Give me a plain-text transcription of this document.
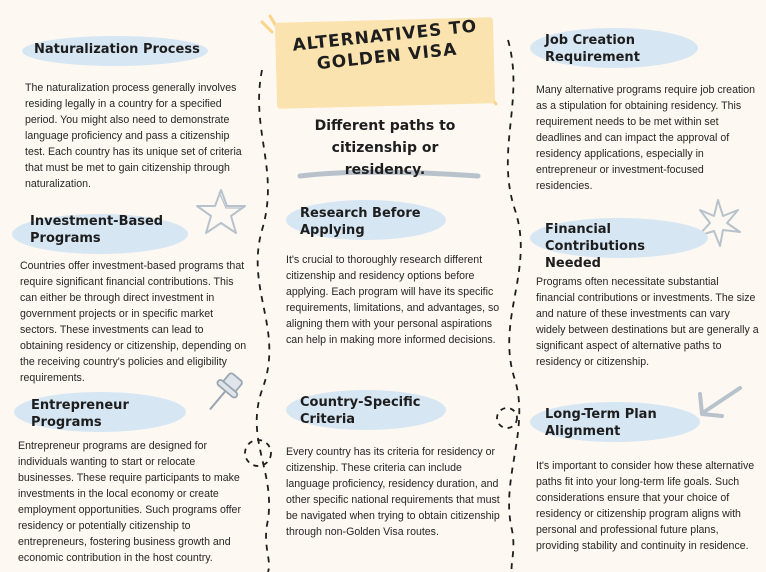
ALTERNATIVES TO GOLDEN VISA
Different paths to citizenship or residency.
Naturalization Process
The naturalization process generally involves residing legally in a country for a specified period. You might also need to demonstrate language proficiency and pass a citizenship test. Each country has its unique set of criteria that must be met to gain citizenship through naturalization.
Investment-Based Programs
Countries offer investment-based programs that require significant financial contributions. This can either be through direct investment in government projects or in specific market sectors. These investments can lead to obtaining residency or citizenship, depending on the receiving country's policies and eligibility requirements.
Entrepreneur Programs
Entrepreneur programs are designed for individuals wanting to start or relocate businesses. These require participants to make investments in the local economy or create employment opportunities. Such programs offer residency or potentially citizenship to entrepreneurs, fostering business growth and economic contribution in the host country.
Research Before Applying
It's crucial to thoroughly research different citizenship and residency options before applying. Each program will have its specific requirements, limitations, and advantages, so aligning them with your personal aspirations can help in making more informed decisions.
Country-Specific Criteria
Every country has its criteria for residency or citizenship. These criteria can include language proficiency, residency duration, and other specific national requirements that must be navigated when trying to obtain citizenship through non-Golden Visa routes.
Job Creation Requirement
Many alternative programs require job creation as a stipulation for obtaining residency. This requirement needs to be met within set deadlines and can impact the approval of residency applications, especially in entrepreneur or investment-focused residencies.
Financial Contributions Needed
Programs often necessitate substantial financial contributions or investments. The size and nature of these investments can vary widely between destinations but are generally a significant aspect of alternative paths to residency or citizenship.
Long-Term Plan Alignment
It's important to consider how these alternative paths fit into your long-term life goals. Such considerations ensure that your choice of residency or citizenship program aligns with personal and professional future plans, providing stability and continuity in residence.
